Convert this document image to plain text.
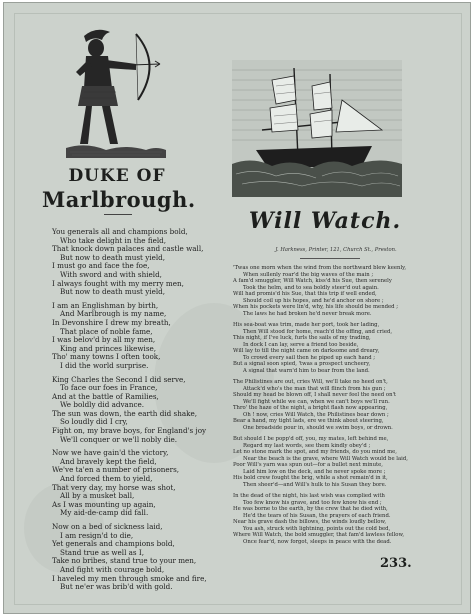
DUKE OF
Marlbrough.
Will Watch.
J. Harkness, Printer, 121, Church St., Preston.
You generals all and champions bold,
Who take delight in the field,
That knock down palaces and castle wall,
But now to death must yield,
I must go and face the foe,
With sword and with shield,
I always fought with my merry men,
But now to death must yield,
I am an Englishman by birth,
And Marlbrough is my name,
In Devonshire I drew my breath,
That place of noble fame,
I was belov'd by all my men,
King and princes likewise,
Tho' many towns I often took,
I did the world surprise.
King Charles the Second I did serve,
To face our foes in France,
And at the battle of Ramilies,
We boldly did advance.
The sun was down, the earth did shake,
So loudly did I cry,
Fight on, my brave boys, for England's joy
We'll conquer or we'll nobly die.
Now we have gain'd the victory,
And bravely kept the field,
We've ta'en a number of prisoners,
And forced them to yield,
That very day, my horse was shot,
All by a musket ball,
As I was mounting up again,
My aid-de-camp did fall.
Now on a bed of sickness laid,
I am resign'd to die,
Yet generals and champions bold,
Stand true as well as I,
Take no bribes, stand true to your men,
And fight with courage bold,
I haveled my men through smoke and fire,
But ne'er was brib'd with gold.
'Twas one morn when the wind from the northward blew keenly,
When sullenly roar'd the big waves of the main ;
A fam'd smuggler, Will Watch, kiss'd his Sue, then serenely
Took the helm, and to sea boldly steer'd out again.
Will had promis'd his Sue, that this trip if well ended,
Should coil up his hopes, and he'd anchor on shore ;
When his pockets were lin'd, why, his life should be mended ;
The laws he had broken he'd never break more.
His sea-boat was trim, made her port, took her lading,
Then Will stood for home, reach'd the offing, and cried,
This night, if I've luck, furls the sails of my trading,
In dock I can lay, serve a friend too beside,
Will lay to till the night came on darksome and dreary,
To crowd every sail then he piped up each hand ;
But a signal soon spied, 'twas a prospect uncheery,
A signal that warn'd him to bear from the land.
The Philistines are out, cries Will, we'll take no heed on't,
Attack'd who's the man that will flinch from his gun ;
Should my head be blown off, I shall never feel the need on't
We'll fight while we can, when we can't boys we'll run.
Thro' the haze of the night, a bright flash now appearing,
Oh ! now, cries Will Watch, the Philistines bear down ;
Bear a hand, my tight lads, ere we think about steering,
One broadside pour in, should we swim boys, or drown.
But should I be popp'd off, you, my mates, left behind me,
Regard my last words, see them kindly obey'd ;
Let no stone mark the spot, and my friends, do you mind me,
Near the beach is the grave, where Will Watch would be laid,
Poor Will's yarn was spun out—for a bullet next minute,
Laid him low on the deck, and he never spoke more ;
His bold crew fought the brig, while a shot remain'd in it,
Then sheer'd—and Will's hulk to his Susan they bore.
In the dead of the night, his last wish was complied with
Too few know his grave, and too few know his end ;
He was borne to the earth, by the crew that he died with,
He'd the tears of his Susan, the prayers of each friend.
Near his grave dash the billows, the winds loudly bellow,
You ash, struck with lightning, points out the cold bed,
Where Will Watch, the bold smuggler, that fam'd lawless fellow,
Once fear'd, now forgot, sleeps in peace with the dead.
233.
